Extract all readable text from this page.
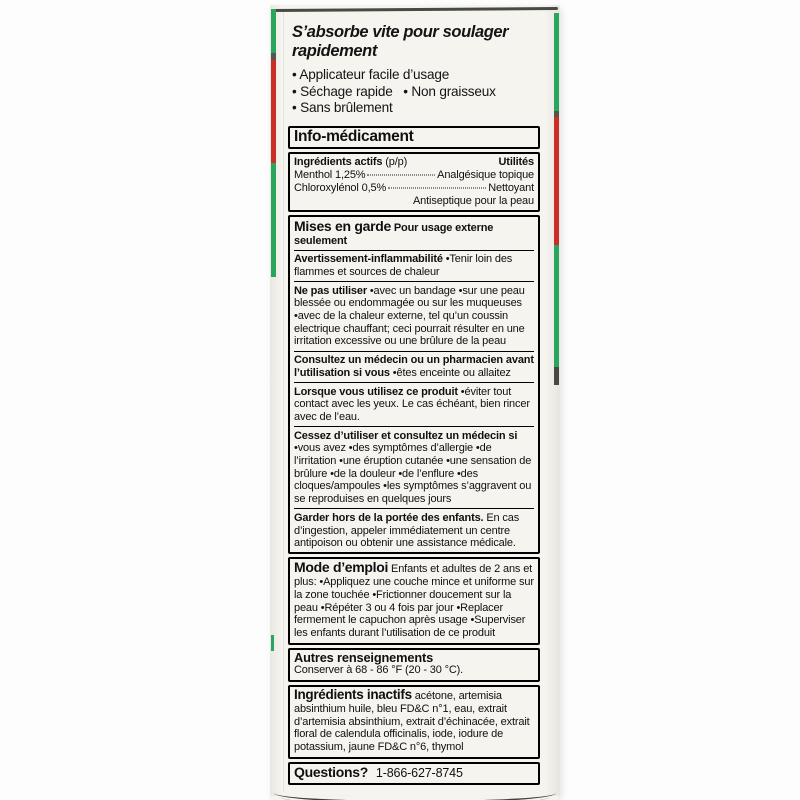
S’absorbe vite pour soulager rapidement
• Applicateur facile d’usage
• Séchage rapide   • Non graisseux
• Sans brûlement
Info-médicament
Ingrédients actifs (p/p)	Utilités
Menthol 1,25%	Analgésique topique
Chloroxylénol 0,5%	Nettoyant
Antiseptique pour la peau
Mises en garde Pour usage externe seulement
Avertissement-inflammabilité •Tenir loin des flammes et sources de chaleur
Ne pas utiliser •avec un bandage •sur une peau blessée ou endommagée ou sur les muqueuses •avec de la chaleur externe, tel qu’un coussin electrique chauffant; ceci pourrait résulter en une irritation excessive ou une brûlure de la peau
Consultez un médecin ou un pharmacien avant l’utilisation si vous •êtes enceinte ou allaitez
Lorsque vous utilisez ce produit •éviter tout contact avec les yeux. Le cas échéant, bien rincer avec de l’eau.
Cessez d’utiliser et consultez un médecin si •vous avez •des symptômes d’allergie •de l’irritation •une éruption cutanée •une sensation de brûlure •de la douleur •de l’enflure •des cloques/ampoules •les symptômes s’aggravent ou se reproduises en quelques jours
Garder hors de la portée des enfants. En cas d’ingestion, appeler immédiatement un centre antipoison ou obtenir une assistance médicale.
Mode d’emploi Enfants et adultes de 2 ans et plus: •Appliquez une couche mince et uniforme sur la zone touchée •Frictionner doucement sur la peau •Répéter 3 ou 4 fois par jour •Replacer fermement le capuchon après usage •Superviser les enfants durant l’utilisation de ce produit
Autres renseignements
Conserver à 68 - 86 °F (20 - 30 °C).
Ingrédients inactifs acétone, artemisia absinthium huile, bleu FD&C n°1, eau, extrait d’artemisia absinthium, extrait d’échinacée, extrait floral de calendula officinalis, iode, iodure de potassium, jaune FD&C n°6, thymol
Questions? 1-866-627-8745
